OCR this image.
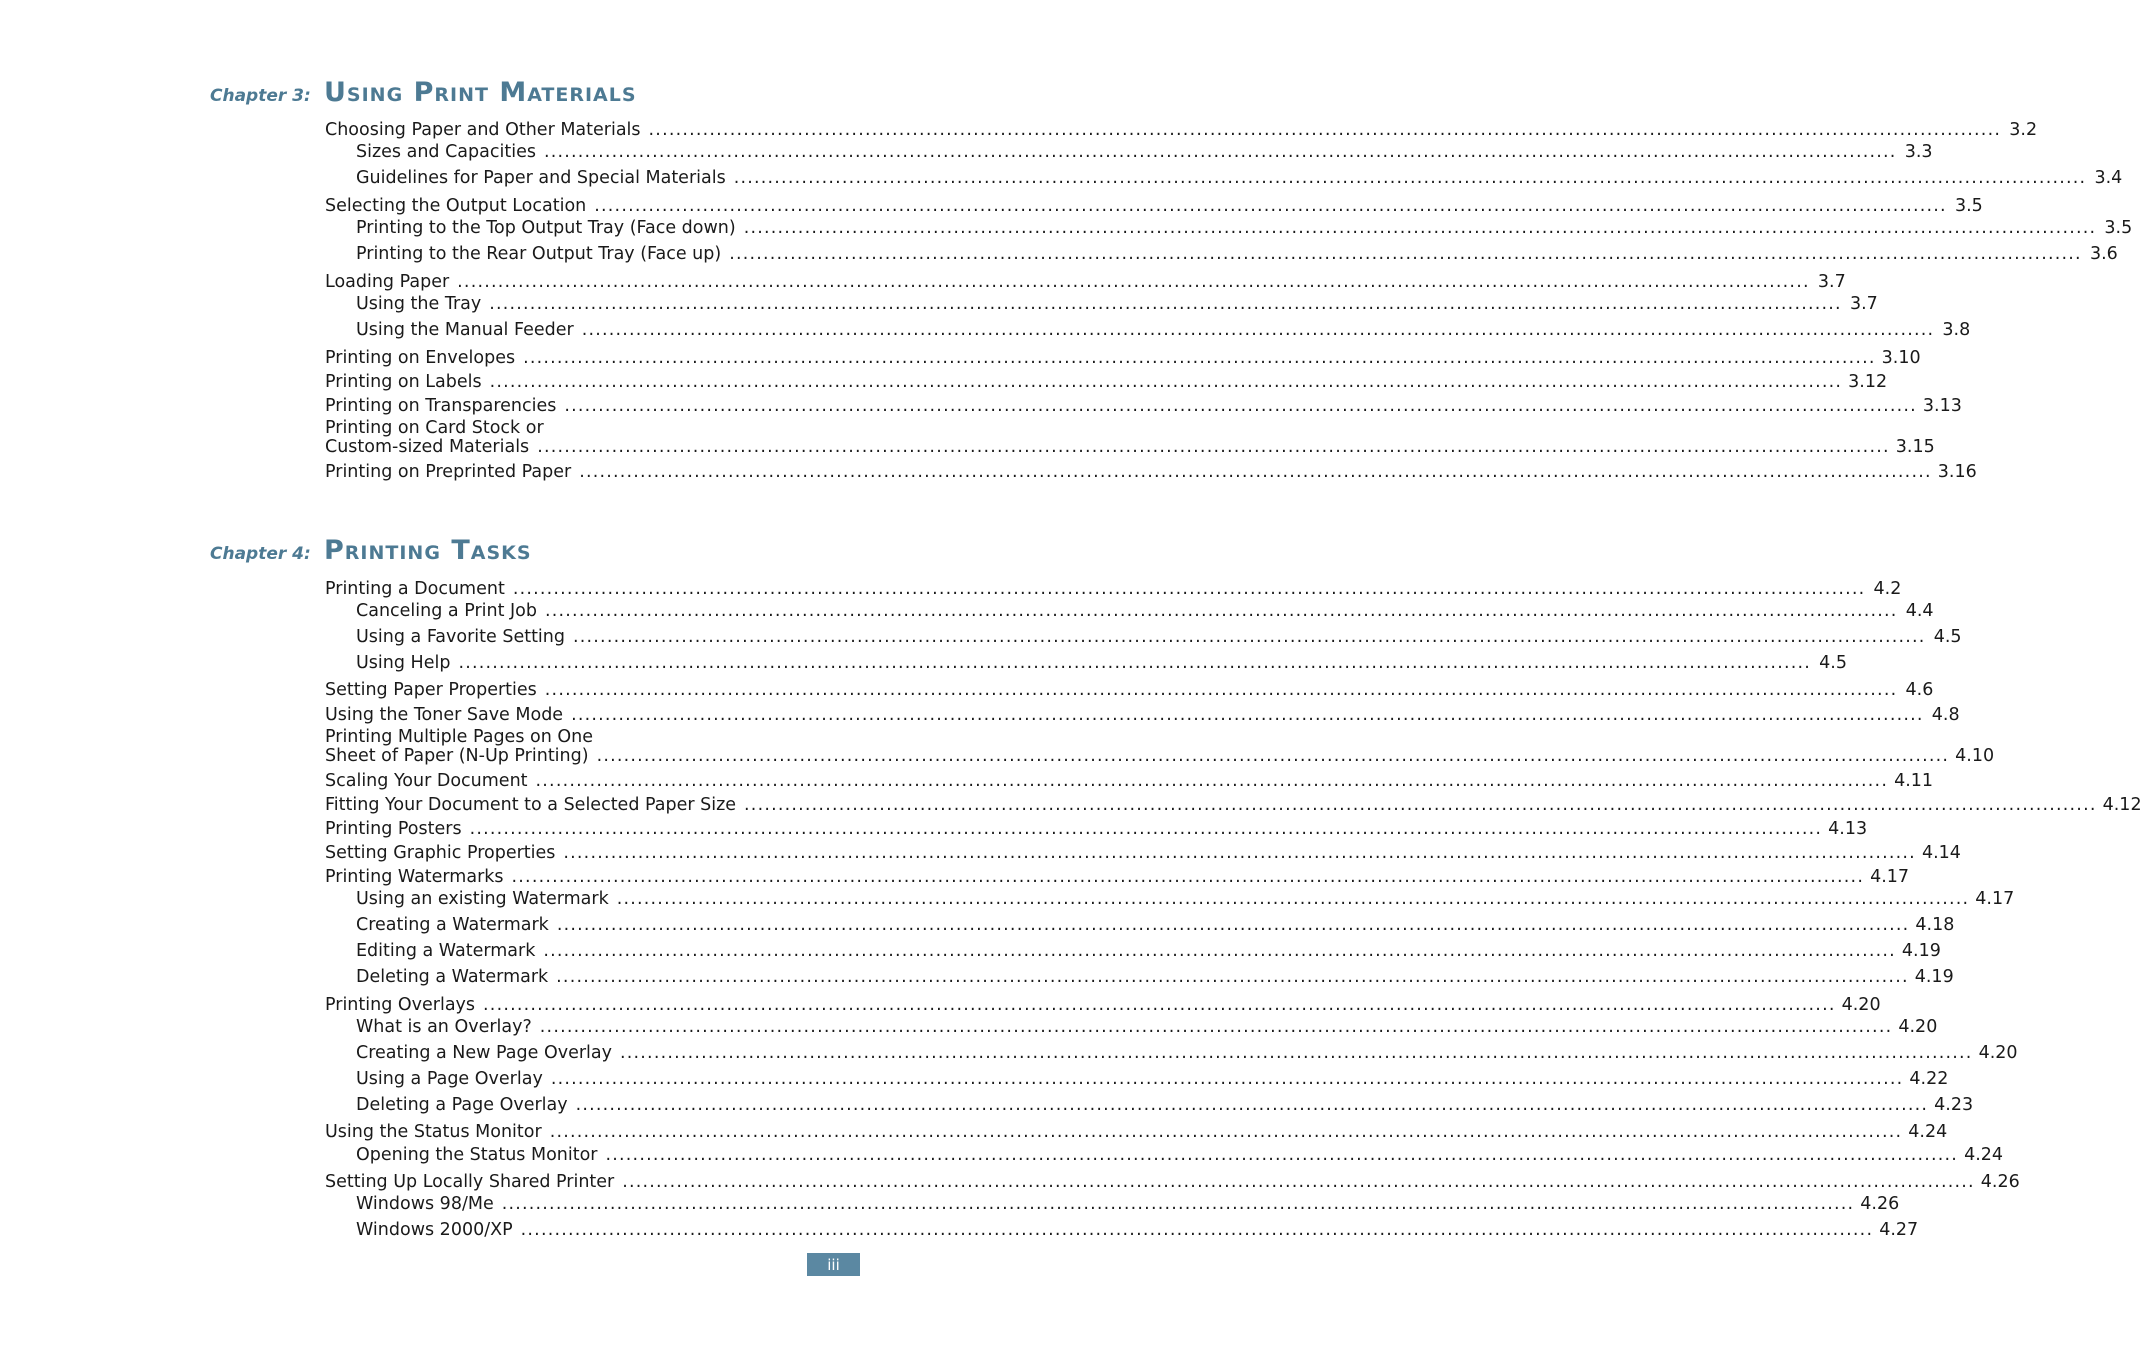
Chapter 3: Using Print Materials
Choosing Paper and Other Materials ........................................................................................................................................................................................................ 3.2
Sizes and Capacities ........................................................................................................................................................................................................ 3.3
Guidelines for Paper and Special Materials ........................................................................................................................................................................................................ 3.4
Selecting the Output Location ........................................................................................................................................................................................................ 3.5
Printing to the Top Output Tray (Face down) ........................................................................................................................................................................................................ 3.5
Printing to the Rear Output Tray (Face up) ........................................................................................................................................................................................................ 3.6
Loading Paper ........................................................................................................................................................................................................ 3.7
Using the Tray ........................................................................................................................................................................................................ 3.7
Using the Manual Feeder ........................................................................................................................................................................................................ 3.8
Printing on Envelopes ........................................................................................................................................................................................................ 3.10
Printing on Labels ........................................................................................................................................................................................................ 3.12
Printing on Transparencies ........................................................................................................................................................................................................ 3.13
Printing on Card Stock or
Custom-sized Materials ........................................................................................................................................................................................................ 3.15
Printing on Preprinted Paper ........................................................................................................................................................................................................ 3.16
Chapter 4: Printing Tasks
Printing a Document ........................................................................................................................................................................................................ 4.2
Canceling a Print Job ........................................................................................................................................................................................................ 4.4
Using a Favorite Setting ........................................................................................................................................................................................................ 4.5
Using Help ........................................................................................................................................................................................................ 4.5
Setting Paper Properties ........................................................................................................................................................................................................ 4.6
Using the Toner Save Mode ........................................................................................................................................................................................................ 4.8
Printing Multiple Pages on One
Sheet of Paper (N-Up Printing) ........................................................................................................................................................................................................ 4.10
Scaling Your Document ........................................................................................................................................................................................................ 4.11
Fitting Your Document to a Selected Paper Size ........................................................................................................................................................................................................ 4.12
Printing Posters ........................................................................................................................................................................................................ 4.13
Setting Graphic Properties ........................................................................................................................................................................................................ 4.14
Printing Watermarks ........................................................................................................................................................................................................ 4.17
Using an existing Watermark ........................................................................................................................................................................................................ 4.17
Creating a Watermark ........................................................................................................................................................................................................ 4.18
Editing a Watermark ........................................................................................................................................................................................................ 4.19
Deleting a Watermark ........................................................................................................................................................................................................ 4.19
Printing Overlays ........................................................................................................................................................................................................ 4.20
What is an Overlay? ........................................................................................................................................................................................................ 4.20
Creating a New Page Overlay ........................................................................................................................................................................................................ 4.20
Using a Page Overlay ........................................................................................................................................................................................................ 4.22
Deleting a Page Overlay ........................................................................................................................................................................................................ 4.23
Using the Status Monitor ........................................................................................................................................................................................................ 4.24
Opening the Status Monitor ........................................................................................................................................................................................................ 4.24
Setting Up Locally Shared Printer ........................................................................................................................................................................................................ 4.26
Windows 98/Me ........................................................................................................................................................................................................ 4.26
Windows 2000/XP ........................................................................................................................................................................................................ 4.27
iii
